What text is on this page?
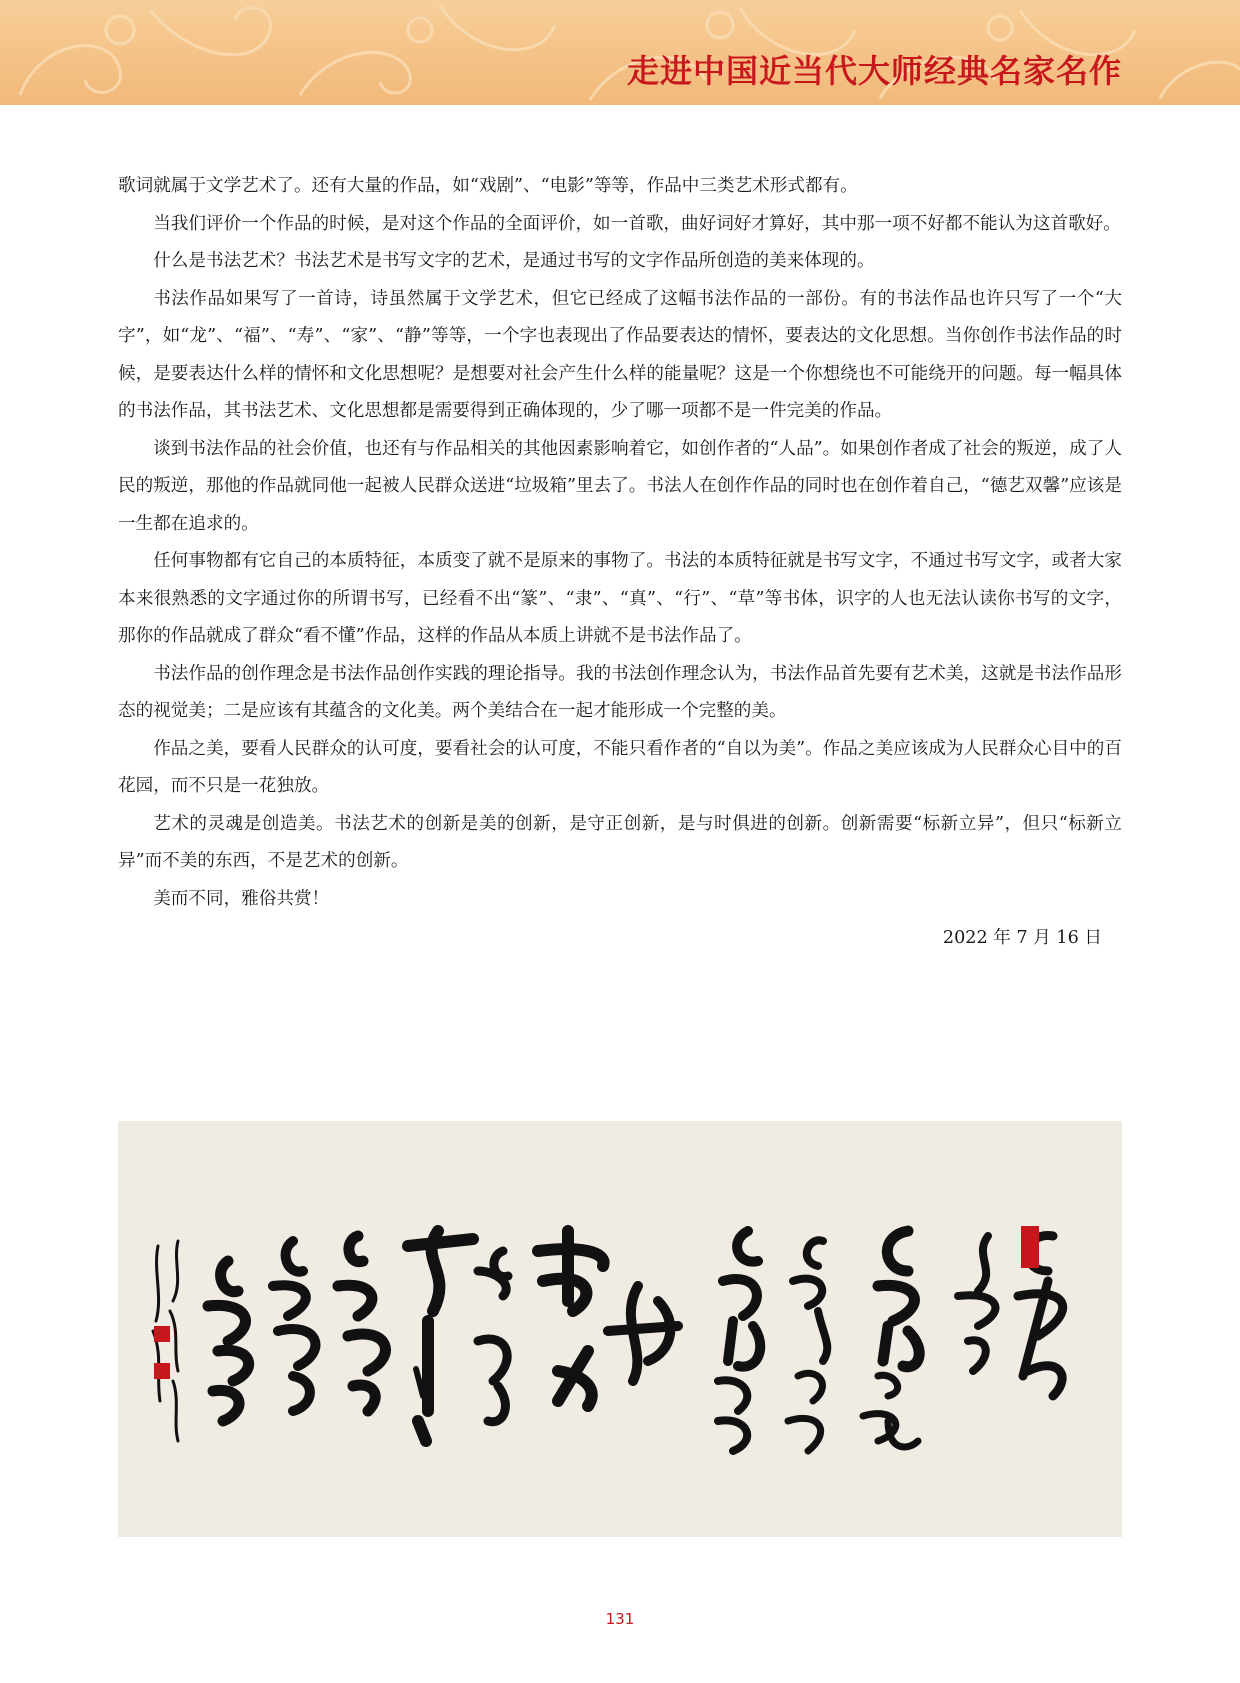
走进中国近当代大师经典名家名作

歌词就属于文学艺术了。还有大量的作品，如“戏剧”、“电影”等等，作品中三类艺术形式都有。

当我们评价一个作品的时候，是对这个作品的全面评价，如一首歌，曲好词好才算好，其中那一项不好都不能认为这首歌好。

什么是书法艺术？书法艺术是书写文字的艺术，是通过书写的文字作品所创造的美来体现的。

书法作品如果写了一首诗，诗虽然属于文学艺术，但它已经成了这幅书法作品的一部份。有的书法作品也许只写了一个“大字”，如“龙”、“福”、“寿”、“家”、“静”等等，一个字也表现出了作品要表达的情怀，要表达的文化思想。当你创作书法作品的时候，是要表达什么样的情怀和文化思想呢？是想要对社会产生什么样的能量呢？这是一个你想绕也不可能绕开的问题。每一幅具体的书法作品，其书法艺术、文化思想都是需要得到正确体现的，少了哪一项都不是一件完美的作品。

谈到书法作品的社会价值，也还有与作品相关的其他因素影响着它，如创作者的“人品”。如果创作者成了社会的叛逆，成了人民的叛逆，那他的作品就同他一起被人民群众送进“垃圾箱”里去了。书法人在创作作品的同时也在创作着自己，“德艺双馨”应该是一生都在追求的。

任何事物都有它自己的本质特征，本质变了就不是原来的事物了。书法的本质特征就是书写文字，不通过书写文字，或者大家本来很熟悉的文字通过你的所谓书写，已经看不出“篆”、“隶”、“真”、“行”、“草”等书体，识字的人也无法认读你书写的文字，那你的作品就成了群众“看不懂”作品，这样的作品从本质上讲就不是书法作品了。

书法作品的创作理念是书法作品创作实践的理论指导。我的书法创作理念认为，书法作品首先要有艺术美，这就是书法作品形态的视觉美；二是应该有其蕴含的文化美。两个美结合在一起才能形成一个完整的美。

作品之美，要看人民群众的认可度，要看社会的认可度，不能只看作者的“自以为美”。作品之美应该成为人民群众心目中的百花园，而不只是一花独放。

艺术的灵魂是创造美。书法艺术的创新是美的创新，是守正创新，是与时俱进的创新。创新需要“标新立异”，但只“标新立异”而不美的东西，不是艺术的创新。

美而不同，雅俗共赏！

2022 年 7 月 16 日

131
